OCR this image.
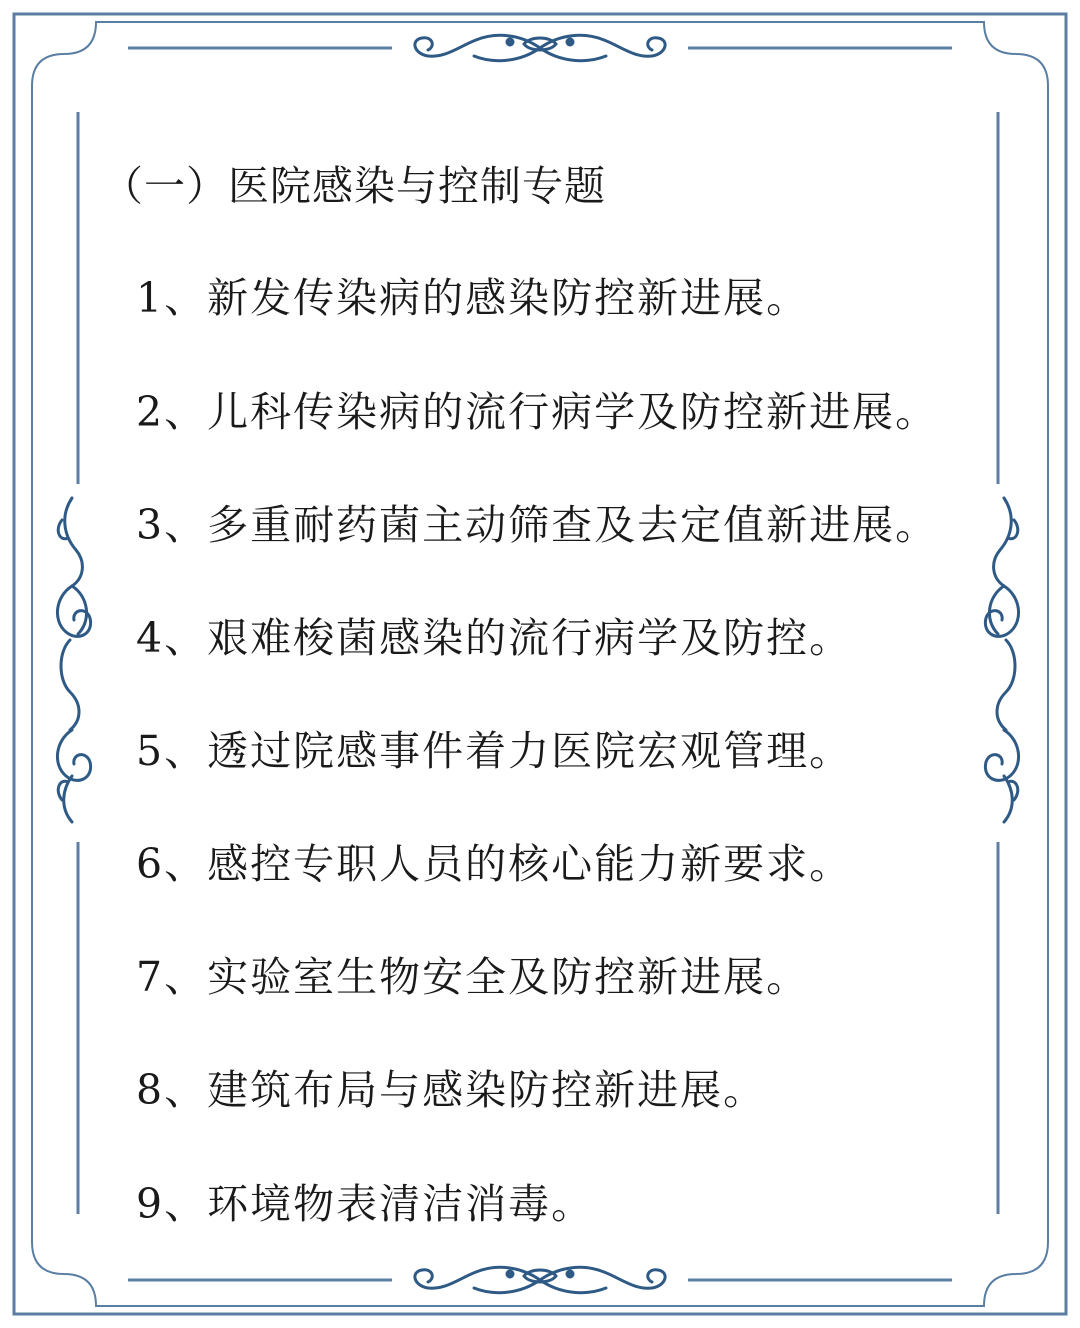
（一）医院感染与控制专题
1、新发传染病的感染防控新进展。
2、儿科传染病的流行病学及防控新进展。
3、多重耐药菌主动筛查及去定值新进展。
4、艰难梭菌感染的流行病学及防控。
5、透过院感事件着力医院宏观管理。
6、感控专职人员的核心能力新要求。
7、实验室生物安全及防控新进展。
8、建筑布局与感染防控新进展。
9、环境物表清洁消毒。
